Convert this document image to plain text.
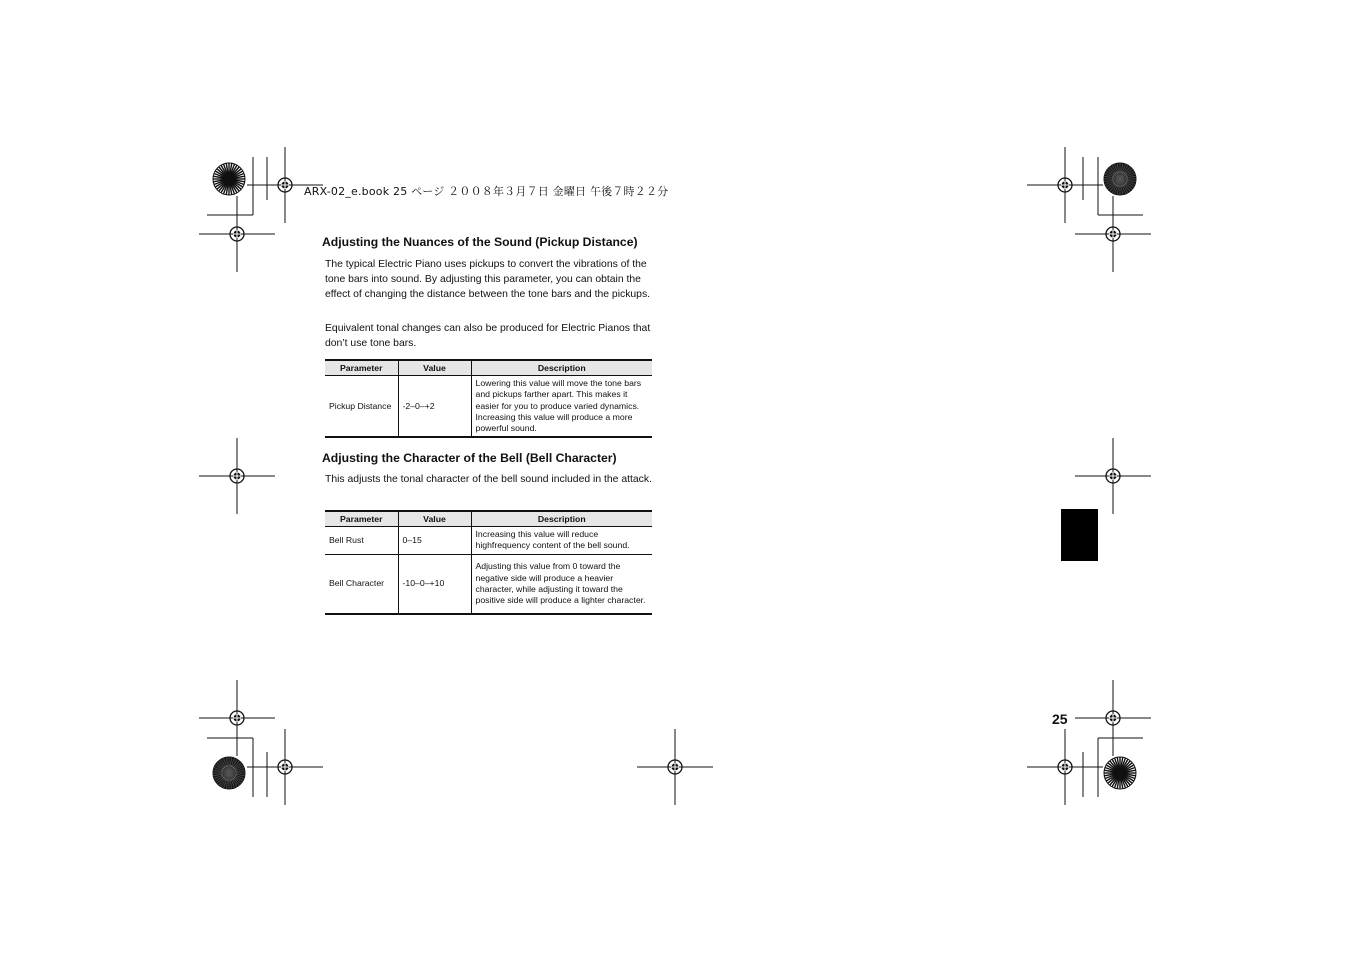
ARX-02_e.book 25 ページ ２００８年３月７日 金曜日 午後７時２２分
Adjusting the Nuances of the Sound (Pickup Distance)

The typical Electric Piano uses pickups to convert the vibrations of the tone bars into sound. By adjusting this parameter, you can obtain the effect of changing the distance between the tone bars and the pickups.

Equivalent tonal changes can also be produced for Electric Pianos that don’t use tone bars.

Parameter	Value	Description
Pickup Distance	-2–0–+2	Lowering this value will move the tone bars and pickups farther apart. This makes it easier for you to produce varied dynamics. Increasing this value will produce a more powerful sound.
Adjusting the Character of the Bell (Bell Character)

This adjusts the tonal character of the bell sound included in the attack.

Parameter	Value	Description
Bell Rust	0–15	Increasing this value will reduce highfrequency content of the bell sound.
Bell Character	-10–0–+10	Adjusting this value from 0 toward the negative side will produce a heavier character, while adjusting it toward the positive side will produce a lighter character.
25
